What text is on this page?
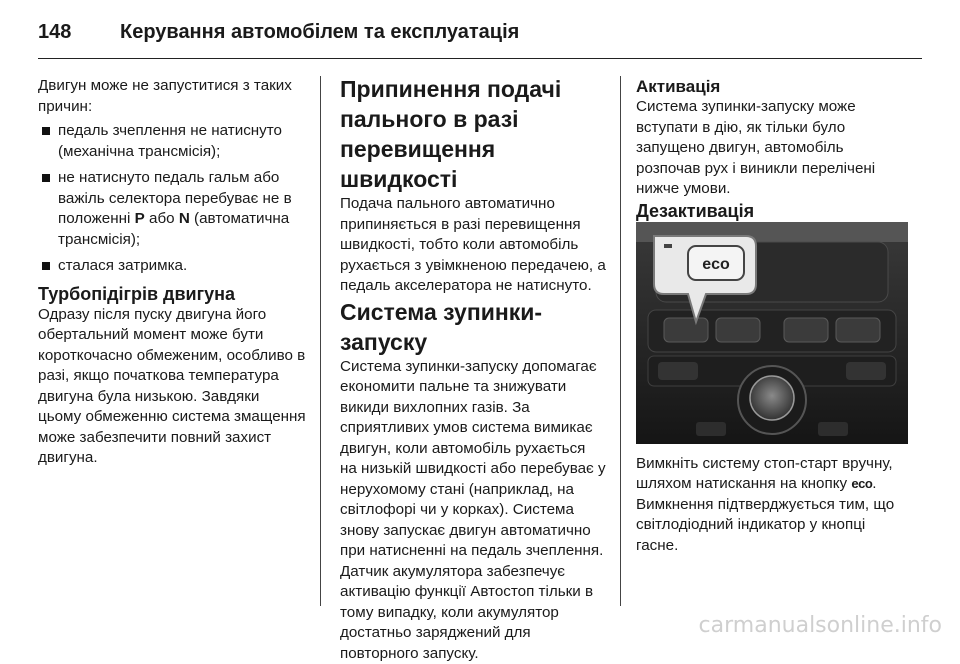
148 Керування автомобілем та експлуатація

Двигун може не запуститися з таких причин:

педаль зчеплення не натиснуто (механічна трансмісія);
не натиснуто педаль гальм або важіль селектора перебуває не в положенні P або N (автоматична трансмісія);
сталася затримка.

Турбопідігрів двигуна

Одразу після пуску двигуна його обертальний момент може бути короткочасно обмеженим, особливо в разі, якщо початкова температура двигуна була низькою. Завдяки цьому обмеженню система змащення може забезпечити повний захист двигуна.

Припинення подачі пального в разі перевищення швидкості

Подача пального автоматично припиняється в разі перевищення швидкості, тобто коли автомобіль рухається з увімкненою передачею, а педаль акселератора не натиснуто.

Система зупинки-запуску

Система зупинки-запуску допомагає економити пальне та знижувати викиди вихлопних газів. За сприятливих умов система вимикає двигун, коли автомобіль рухається на низькій швидкості або перебуває у нерухомому стані (наприклад, на світлофорі чи у корках). Система знову запускає двигун автоматично при натисненні на педаль зчеплення. Датчик акумулятора забезпечує активацію функції Автостоп тільки в тому випадку, коли акумулятор достатньо заряджений для повторного запуску.

Активація

Система зупинки-запуску може вступати в дію, як тільки було запущено двигун, автомобіль розпочав рух і виникли перелічені нижче умови.

Дезактивація

eco

Вимкніть систему стоп-старт вручну, шляхом натискання на кнопку eco. Вимкнення підтверджується тим, що світлодіодний індикатор у кнопці гасне.

carmanualsonline.info
